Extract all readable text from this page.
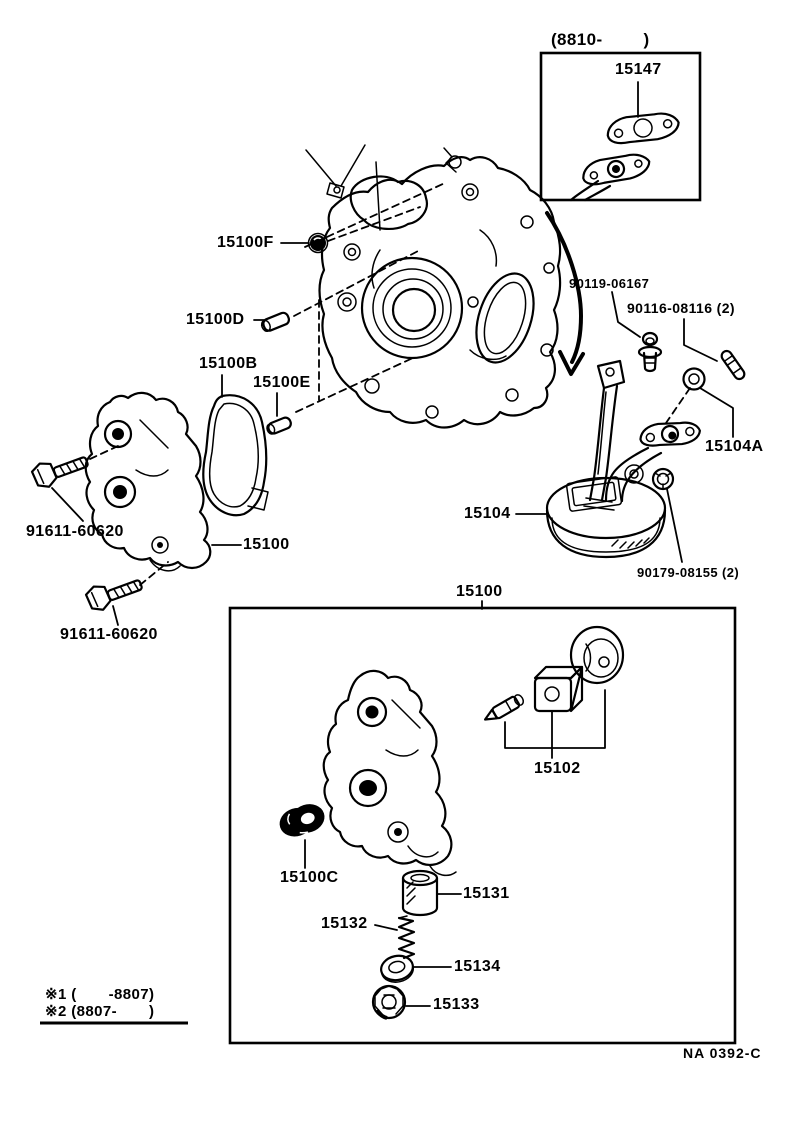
(8810-        )
15147
15100F
15100D
15100B
15100E
90119-06167
90116-08116 (2)
15104A
15104
90179-08155 (2)
91611-60620
15100
91611-60620
15100
15102
15100C
15131
15132
15134
15133
※1 (       -8807)
※2 (8807-       )
NA 0392-C
